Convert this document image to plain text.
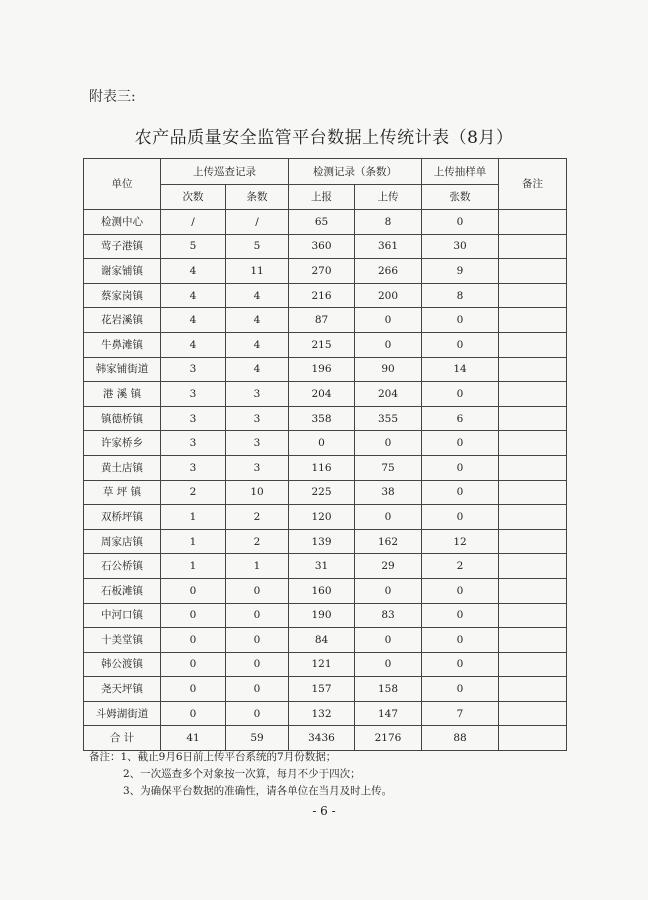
附表三:
农产品质量安全监管平台数据上传统计表（8月）
单位	上传巡查记录		检测记录（条数）		上传抽样单	备注
	次数	条数	上报	上传	张数	
检测中心	/	/	65	8	0	
莺子港镇	5	5	360	361	30	
谢家铺镇	4	11	270	266	9	
蔡家岗镇	4	4	216	200	8	
花岩溪镇	4	4	87	0	0	
牛鼻滩镇	4	4	215	0	0	
韩家铺街道	3	4	196	90	14	
港 溪 镇	3	3	204	204	0	
镇德桥镇	3	3	358	355	6	
许家桥乡	3	3	0	0	0	
黄土店镇	3	3	116	75	0	
草 坪 镇	2	10	225	38	0	
双桥坪镇	1	2	120	0	0	
周家店镇	1	2	139	162	12	
石公桥镇	1	1	31	29	2	
石板滩镇	0	0	160	0	0	
中河口镇	0	0	190	83	0	
十美堂镇	0	0	84	0	0	
韩公渡镇	0	0	121	0	0	
尧天坪镇	0	0	157	158	0	
斗姆湖街道	0	0	132	147	7	
合 计	41	59	3436	2176	88	
备注：1、截止9月6日前上传平台系统的7月份数据；
2、一次巡查多个对象按一次算，每月不少于四次；
3、为确保平台数据的准确性，请各单位在当月及时上传。
- 6 -
